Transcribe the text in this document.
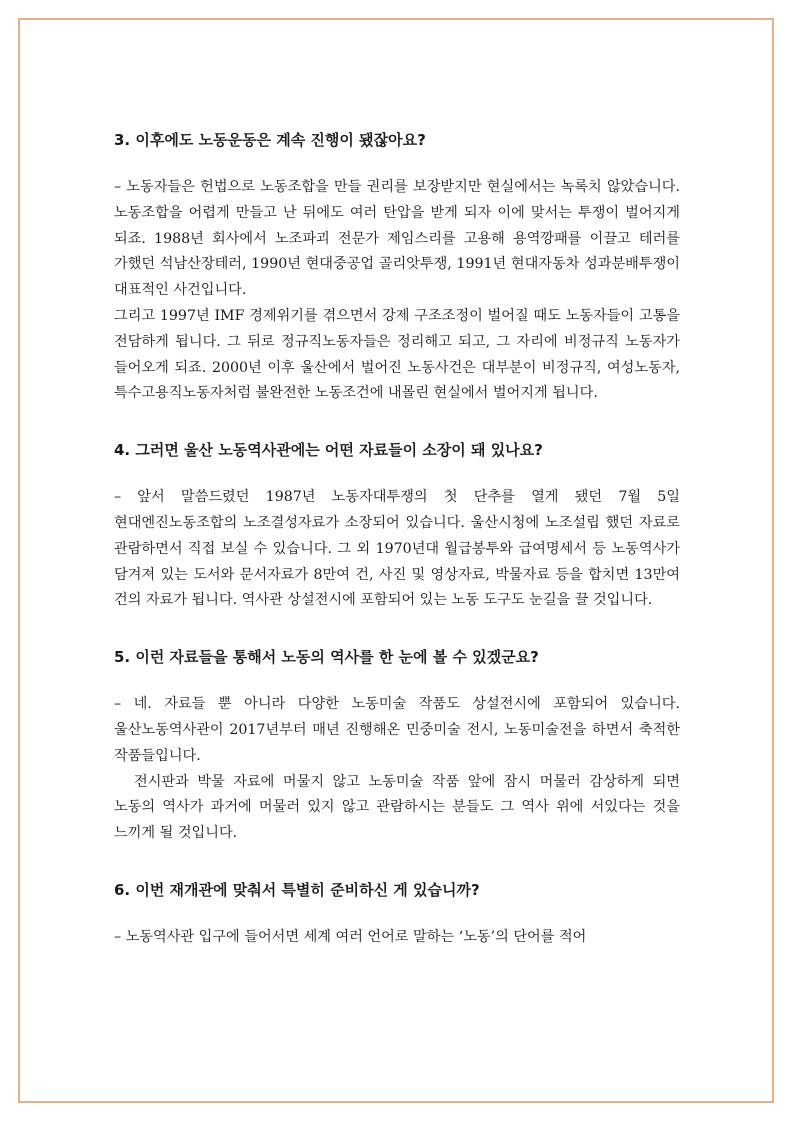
3. 이후에도 노동운동은 계속 진행이 됐잖아요?

– 노동자들은 헌법으로 노동조합을 만들 권리를 보장받지만 현실에서는 녹록치 않았습니다. 노동조합을 어렵게 만들고 난 뒤에도 여러 탄압을 받게 되자 이에 맞서는 투쟁이 벌어지게 되죠. 1988년 회사에서 노조파괴 전문가 제임스리를 고용해 용역깡패를 이끌고 테러를 가했던 석남산장테러, 1990년 현대중공업 골리앗투쟁, 1991년 현대자동차 성과분배투쟁이 대표적인 사건입니다.

그리고 1997년 IMF 경제위기를 겪으면서 강제 구조조정이 벌어질 때도 노동자들이 고통을 전담하게 됩니다. 그 뒤로 정규직노동자들은 정리해고 되고, 그 자리에 비정규직 노동자가 들어오게 되죠. 2000년 이후 울산에서 벌어진 노동사건은 대부분이 비정규직, 여성노동자, 특수고용직노동자처럼 불완전한 노동조건에 내몰린 현실에서 벌어지게 됩니다.

4. 그러면 울산 노동역사관에는 어떤 자료들이 소장이 돼 있나요?

– 앞서 말씀드렸던 1987년 노동자대투쟁의 첫 단추를 열게 됐던 7월 5일 현대엔진노동조합의 노조결성자료가 소장되어 있습니다. 울산시청에 노조설립 했던 자료로 관람하면서 직접 보실 수 있습니다. 그 외 1970년대 월급봉투와 급여명세서 등 노동역사가 담겨져 있는 도서와 문서자료가 8만여 건, 사진 및 영상자료, 박물자료 등을 합치면 13만여 건의 자료가 됩니다. 역사관 상설전시에 포함되어 있는 노동 도구도 눈길을 끌 것입니다.

5. 이런 자료들을 통해서 노동의 역사를 한 눈에 볼 수 있겠군요?

– 네. 자료들 뿐 아니라 다양한 노동미술 작품도 상설전시에 포함되어 있습니다. 울산노동역사관이 2017년부터 매년 진행해온 민중미술 전시, 노동미술전을 하면서 축적한 작품들입니다.

전시판과 박물 자료에 머물지 않고 노동미술 작품 앞에 잠시 머물러 감상하게 되면 노동의 역사가 과거에 머물러 있지 않고 관람하시는 분들도 그 역사 위에 서있다는 것을 느끼게 될 것입니다.

6. 이번 재개관에 맞춰서 특별히 준비하신 게 있습니까?

– 노동역사관 입구에 들어서면 세계 여러 언어로 말하는 ‘노동’의 단어를 적어
